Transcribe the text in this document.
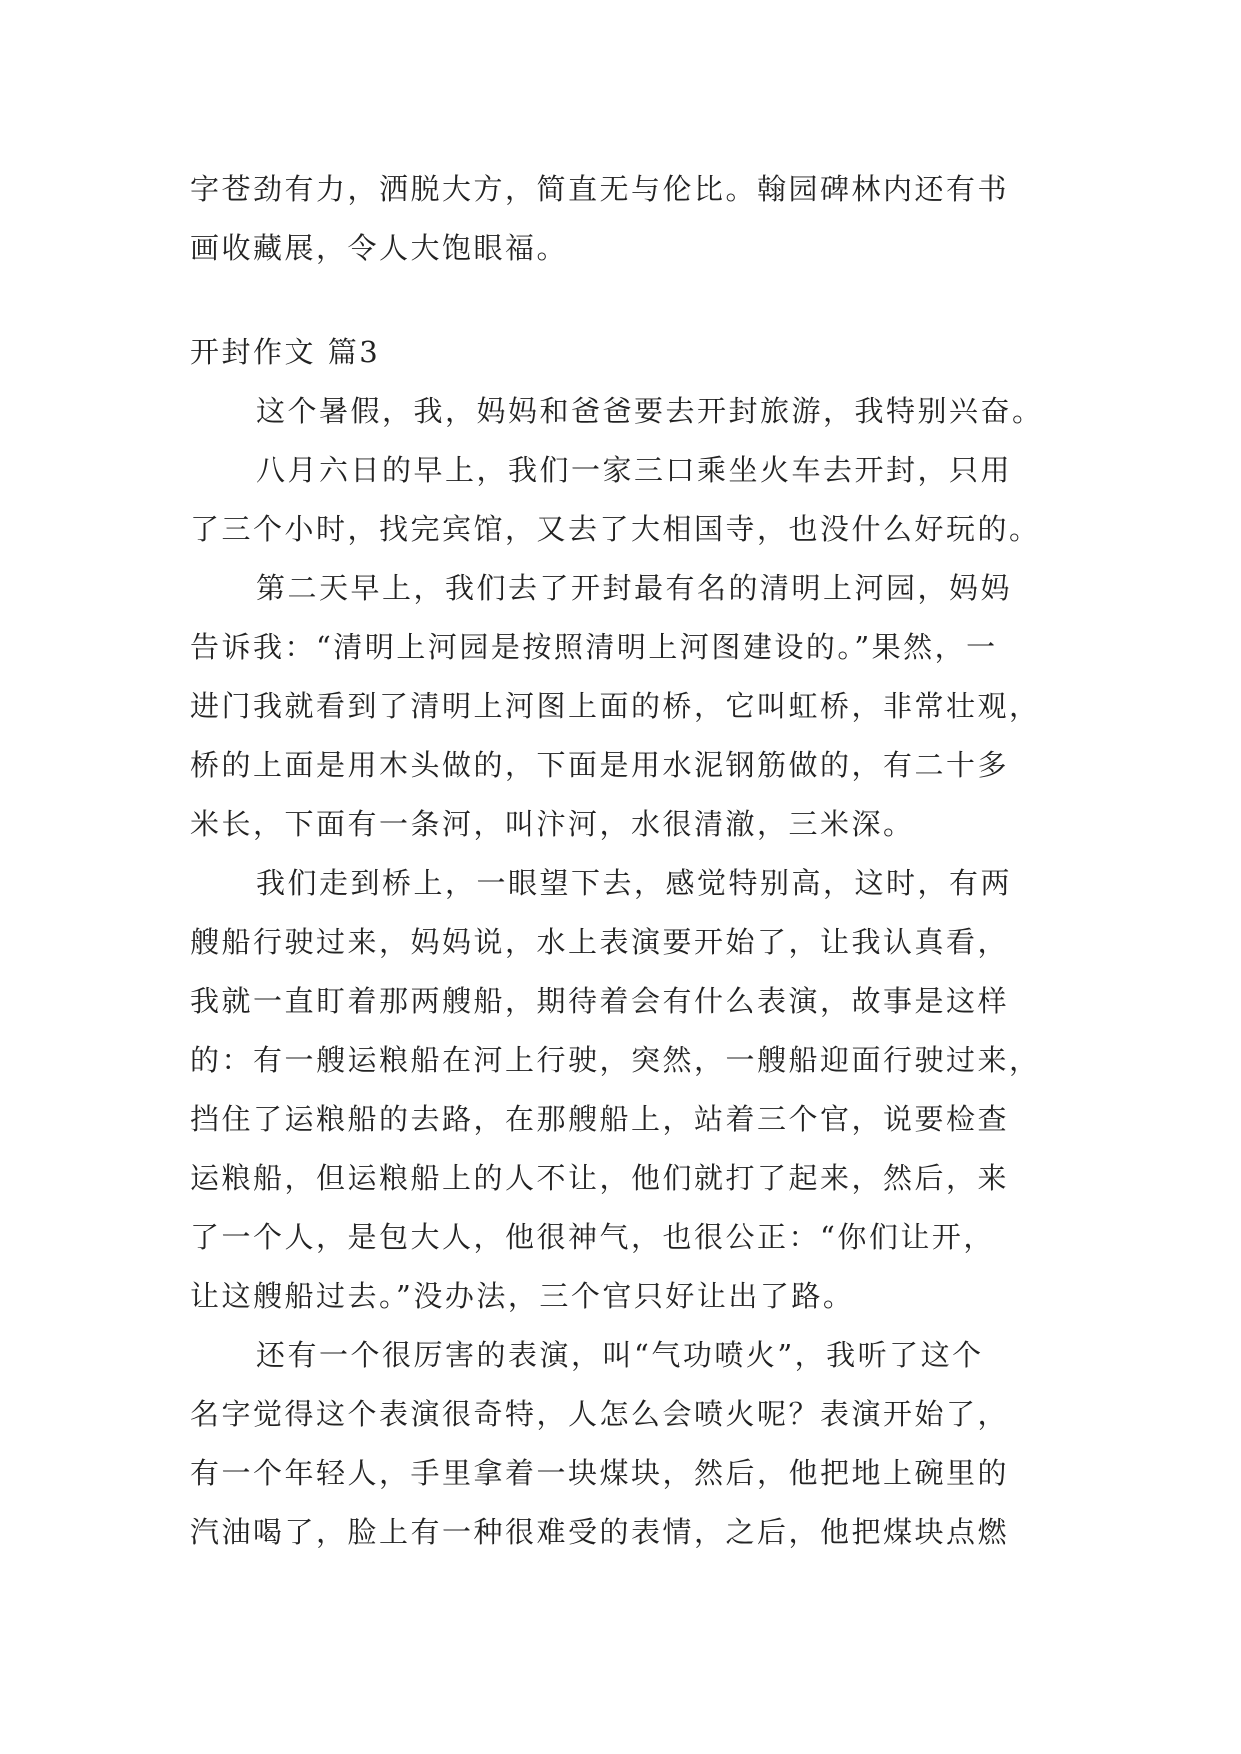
字苍劲有力，洒脱大方，简直无与伦比。翰园碑林内还有书
画收藏展，令人大饱眼福。
开封作文 篇3
这个暑假，我，妈妈和爸爸要去开封旅游，我特别兴奋。
八月六日的早上，我们一家三口乘坐火车去开封，只用
了三个小时，找完宾馆，又去了大相国寺，也没什么好玩的。
第二天早上，我们去了开封最有名的清明上河园，妈妈
告诉我：“清明上河园是按照清明上河图建设的。”果然，一
进门我就看到了清明上河图上面的桥，它叫虹桥，非常壮观，
桥的上面是用木头做的，下面是用水泥钢筋做的，有二十多
米长，下面有一条河，叫汴河，水很清澈，三米深。
我们走到桥上，一眼望下去，感觉特别高，这时，有两
艘船行驶过来，妈妈说，水上表演要开始了，让我认真看，
我就一直盯着那两艘船，期待着会有什么表演，故事是这样
的：有一艘运粮船在河上行驶，突然，一艘船迎面行驶过来，
挡住了运粮船的去路，在那艘船上，站着三个官，说要检查
运粮船，但运粮船上的人不让，他们就打了起来，然后，来
了一个人，是包大人，他很神气，也很公正：“你们让开，
让这艘船过去。”没办法，三个官只好让出了路。
还有一个很厉害的表演，叫“气功喷火”，我听了这个
名字觉得这个表演很奇特，人怎么会喷火呢？表演开始了，
有一个年轻人，手里拿着一块煤块，然后，他把地上碗里的
汽油喝了，脸上有一种很难受的表情，之后，他把煤块点燃
